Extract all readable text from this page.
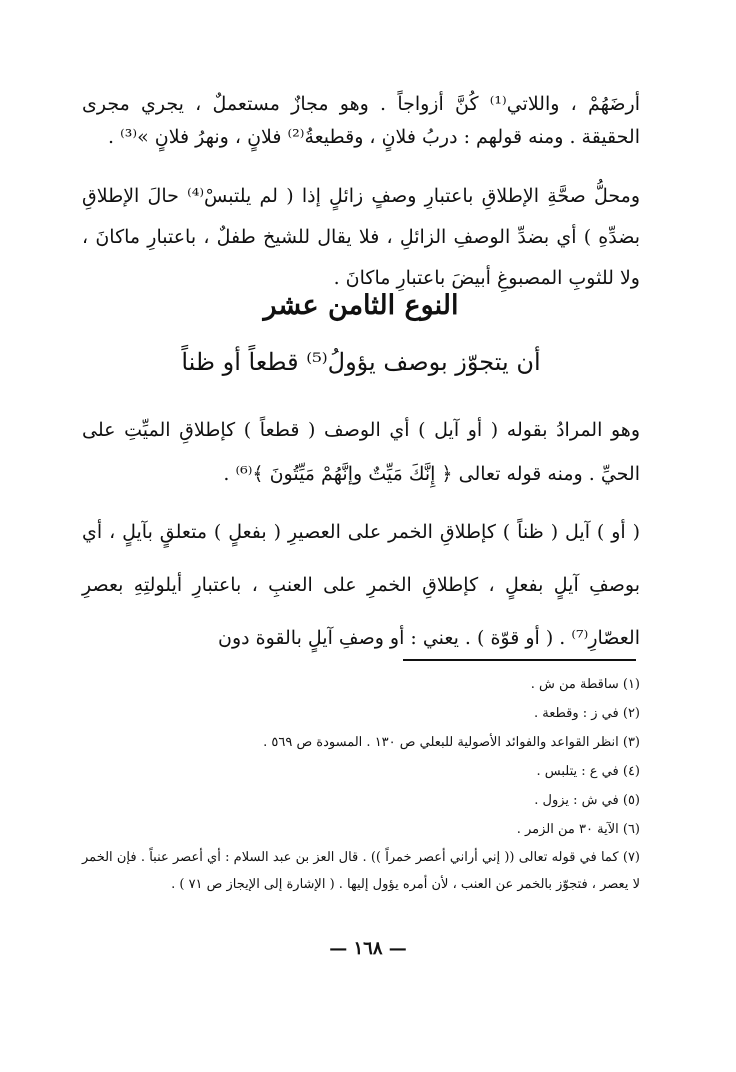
أرضَهُمْ ، واللاتي⁽¹⁾ كُنَّ أزواجاً . وهو مجازٌ مستعملٌ ، يجري مجرى الحقيقة . ومنه قولهم : دربُ فلانٍ ، وقطيعةُ⁽²⁾ فلانٍ ، ونهرُ فلانٍ »⁽³⁾ .

ومحلُّ صحَّةِ الإطلاقِ باعتبارِ وصفٍ زائلٍ إذا ( لم يلتبسْ⁽⁴⁾ حالَ الإطلاقِ بضدِّهِ ) أي بضدِّ الوصفِ الزائلِ ، فلا يقال للشيخ طفلٌ ، باعتبارِ ماكانَ ، ولا للثوبِ المصبوغِ أبيضَ باعتبارِ ماكانَ .

النوع الثامن عشر
أن يتجوّز بوصف يؤولُ⁽⁵⁾ قطعاً أو ظناً

وهو المرادُ بقوله ( أو آيل ) أي الوصف ( قطعاً ) كإطلاقِ الميِّتِ على الحيِّ . ومنه قوله تعالى ﴿ إِنَّكَ مَيِّتٌ وإنَّهُمْ مَيِّتُونَ ﴾⁽⁶⁾ .

( أو ) آيل ( ظناً ) كإطلاقِ الخمر على العصيرِ ( بفعلٍ ) متعلقٍ بآيلٍ ، أي بوصفِ آيلٍ بفعلٍ ، كإطلاقِ الخمرِ على العنبِ ، باعتبارِ أيلولتِهِ بعصرِ العصّارِ⁽⁷⁾ . ( أو قوّة ) . يعني : أو وصفِ آيلٍ بالقوة دون

(١) ساقطة من ش .

(٢) في ز : وقطعة .

(٣) انظر القواعد والفوائد الأصولية للبعلي ص ١٣٠ . المسودة ص ٥٦٩ .

(٤) في ع : يتلبس .

(٥) في ش : يزول .

(٦) الآية ٣٠ من الزمر .

(٧) كما في قوله تعالى (( إني أراني أعصر خمراً )) . قال العز بن عبد السلام : أي أعصر عنباً . فإن الخمر لا يعصر ، فتجوّز بالخمر عن العنب ، لأن أمره يؤول إليها . ( الإشارة إلى الإيجاز ص ٧١ ) .

— ١٦٨ —
